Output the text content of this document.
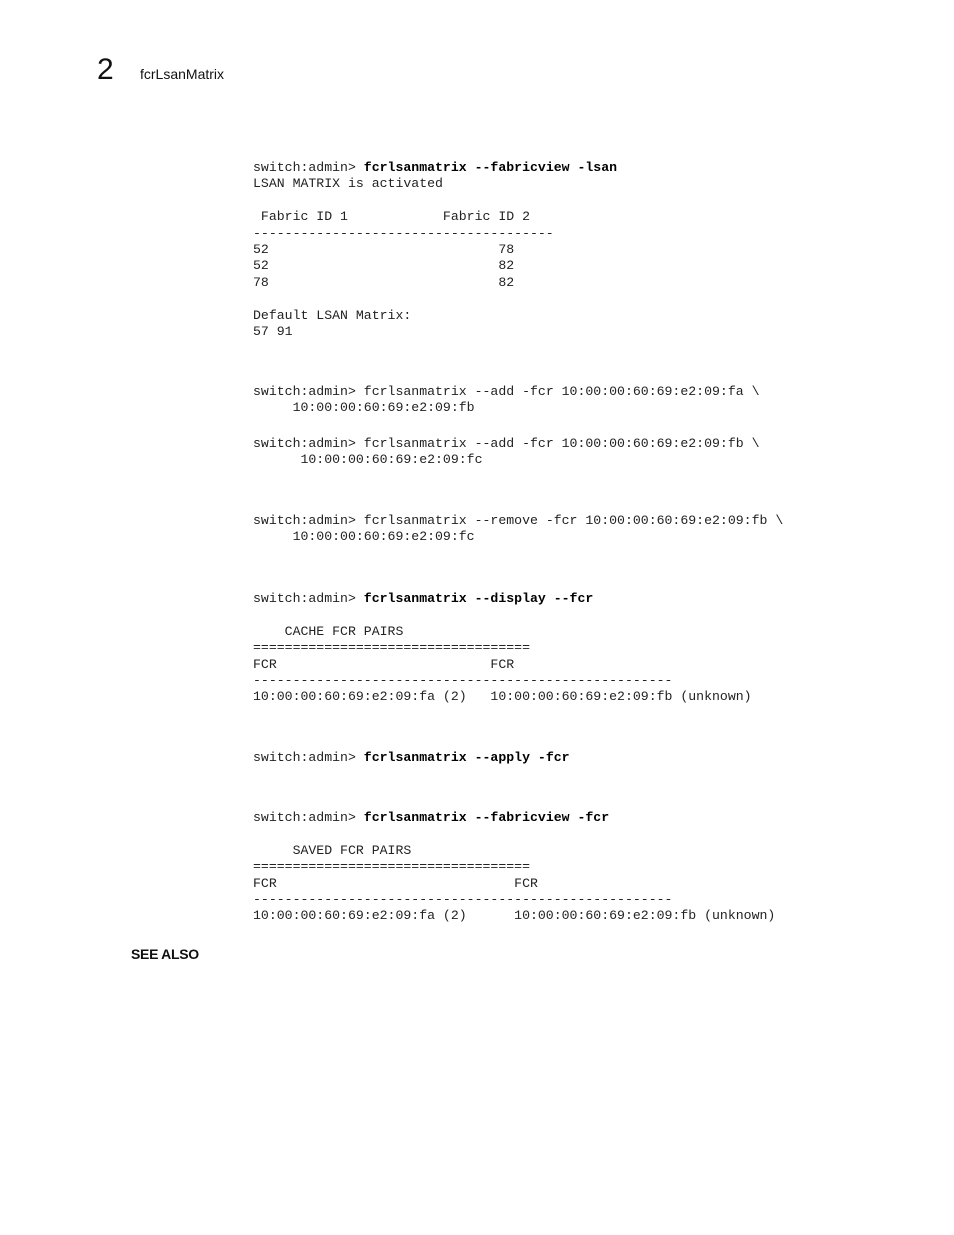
2 fcrLsanMatrix
switch:admin> fcrlsanmatrix --fabricview -lsan
LSAN MATRIX is activated

Fabric ID 1            Fabric ID 2
--------------------------------------
52                             78
52                             82
78                             82

Default LSAN Matrix:
57 91
switch:admin> fcrlsanmatrix --add -fcr 10:00:00:60:69:e2:09:fa \
10:00:00:60:69:e2:09:fb
switch:admin> fcrlsanmatrix --add -fcr 10:00:00:60:69:e2:09:fb \
10:00:00:60:69:e2:09:fc
switch:admin> fcrlsanmatrix --remove -fcr 10:00:00:60:69:e2:09:fb \
10:00:00:60:69:e2:09:fc
switch:admin> fcrlsanmatrix --display --fcr

CACHE FCR PAIRS
===================================
FCR                           FCR
-----------------------------------------------------
10:00:00:60:69:e2:09:fa (2)   10:00:00:60:69:e2:09:fb (unknown)
switch:admin> fcrlsanmatrix --apply -fcr
switch:admin> fcrlsanmatrix --fabricview -fcr

SAVED FCR PAIRS
===================================
FCR                              FCR
-----------------------------------------------------
10:00:00:60:69:e2:09:fa (2)      10:00:00:60:69:e2:09:fb (unknown)
SEE ALSO
